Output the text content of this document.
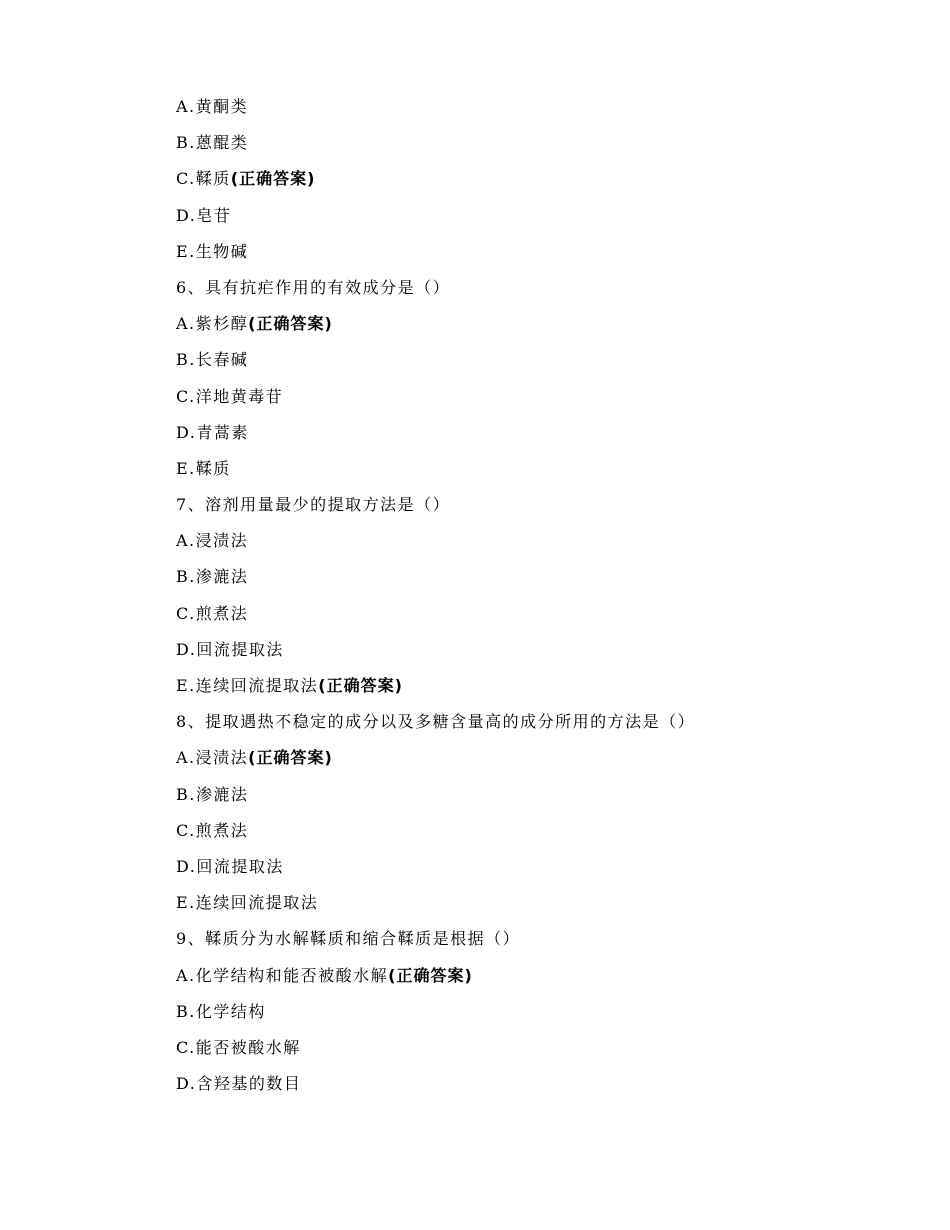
A.黄酮类
B.蒽醌类
C.鞣质(正确答案)
D.皂苷
E.生物碱
6、具有抗疟作用的有效成分是（）
A.紫杉醇(正确答案)
B.长春碱
C.洋地黄毒苷
D.青蒿素
E.鞣质
7、溶剂用量最少的提取方法是（）
A.浸渍法
B.渗漉法
C.煎煮法
D.回流提取法
E.连续回流提取法(正确答案)
8、提取遇热不稳定的成分以及多糖含量高的成分所用的方法是（）
A.浸渍法(正确答案)
B.渗漉法
C.煎煮法
D.回流提取法
E.连续回流提取法
9、鞣质分为水解鞣质和缩合鞣质是根据（）
A.化学结构和能否被酸水解(正确答案)
B.化学结构
C.能否被酸水解
D.含羟基的数目
